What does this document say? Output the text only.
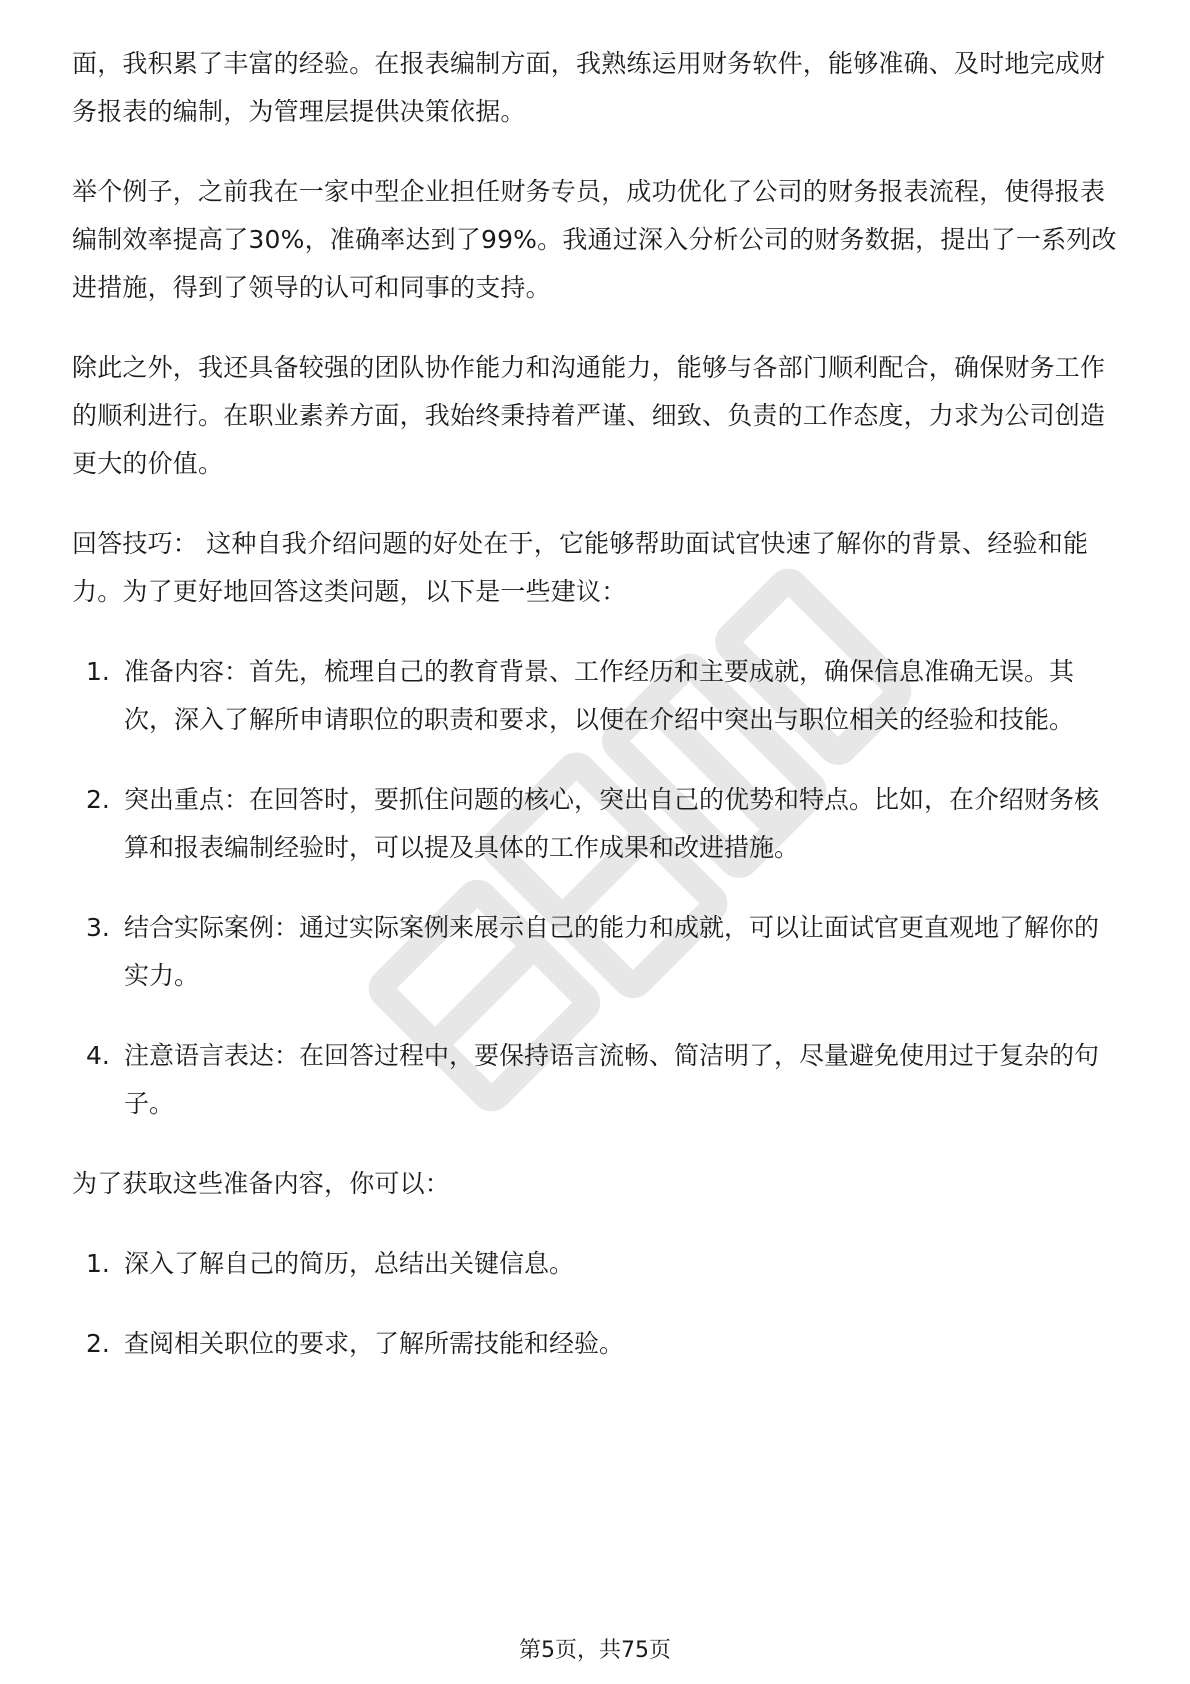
面，我积累了丰富的经验。在报表编制方面，我熟练运用财务软件，能够准确、及时地完成财务报表的编制，为管理层提供决策依据。

举个例子，之前我在一家中型企业担任财务专员，成功优化了公司的财务报表流程，使得报表编制效率提高了30%，准确率达到了99%。我通过深入分析公司的财务数据，提出了一系列改进措施，得到了领导的认可和同事的支持。

除此之外，我还具备较强的团队协作能力和沟通能力，能够与各部门顺利配合，确保财务工作的顺利进行。在职业素养方面，我始终秉持着严谨、细致、负责的工作态度，力求为公司创造更大的价值。

回答技巧： 这种自我介绍问题的好处在于，它能够帮助面试官快速了解你的背景、经验和能力。为了更好地回答这类问题，以下是一些建议：

1. 准备内容：首先，梳理自己的教育背景、工作经历和主要成就，确保信息准确无误。其次，深入了解所申请职位的职责和要求，以便在介绍中突出与职位相关的经验和技能。
2. 突出重点：在回答时，要抓住问题的核心，突出自己的优势和特点。比如，在介绍财务核算和报表编制经验时，可以提及具体的工作成果和改进措施。
3. 结合实际案例：通过实际案例来展示自己的能力和成就，可以让面试官更直观地了解你的实力。
4. 注意语言表达：在回答过程中，要保持语言流畅、简洁明了，尽量避免使用过于复杂的句子。

为了获取这些准备内容，你可以：

1. 深入了解自己的简历，总结出关键信息。
2. 查阅相关职位的要求，了解所需技能和经验。
第5页，共75页
